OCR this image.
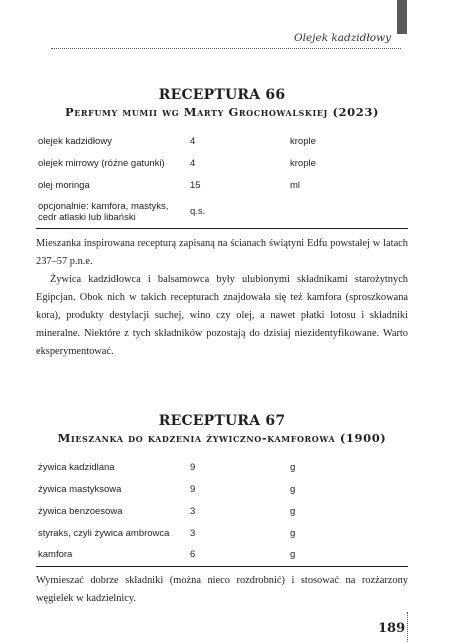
Olejek kadzidłowy
RECEPTURA 66
Perfumy mumii wg Marty Grochowalskiej (2023)
olejek kadzidłowy	4	krople
olejek mirrowy (różne gatunki)	4	krople
olej moringa	15	ml

opcjonalnie: kamfora, mastyks,
cedr atlaski lub libański	q.s.	
Mieszanka inspirowana recepturą zapisaną na ścianach świątyni Edfu powstałej w latach 237–57 p.n.e.
Żywica kadzidłowca i balsamowca były ulubionymi składnikami starożytnych Egipcjan. Obok nich w takich recepturach znajdowała się też kamfora (sproszkowana kora), produkty destylacji suchej, wino czy olej, a nawet płatki lotosu i składniki mineralne. Niektóre z tych składników pozostają do dzisiaj niezidentyfikowane. Warto eksperymentować.
RECEPTURA 67
Mieszanka do kadzenia żywiczno-kamforowa (1900)
żywica kadzidlana	9	g
żywica mastyksowa	9	g
żywica benzoesowa	3	g
styraks, czyli żywica ambrowca	3	g
kamfora	6	g
Wymieszać dobrze składniki (można nieco rozdrobnić) i stosować na rozżarzony węgielek w kadzielnicy.
189
